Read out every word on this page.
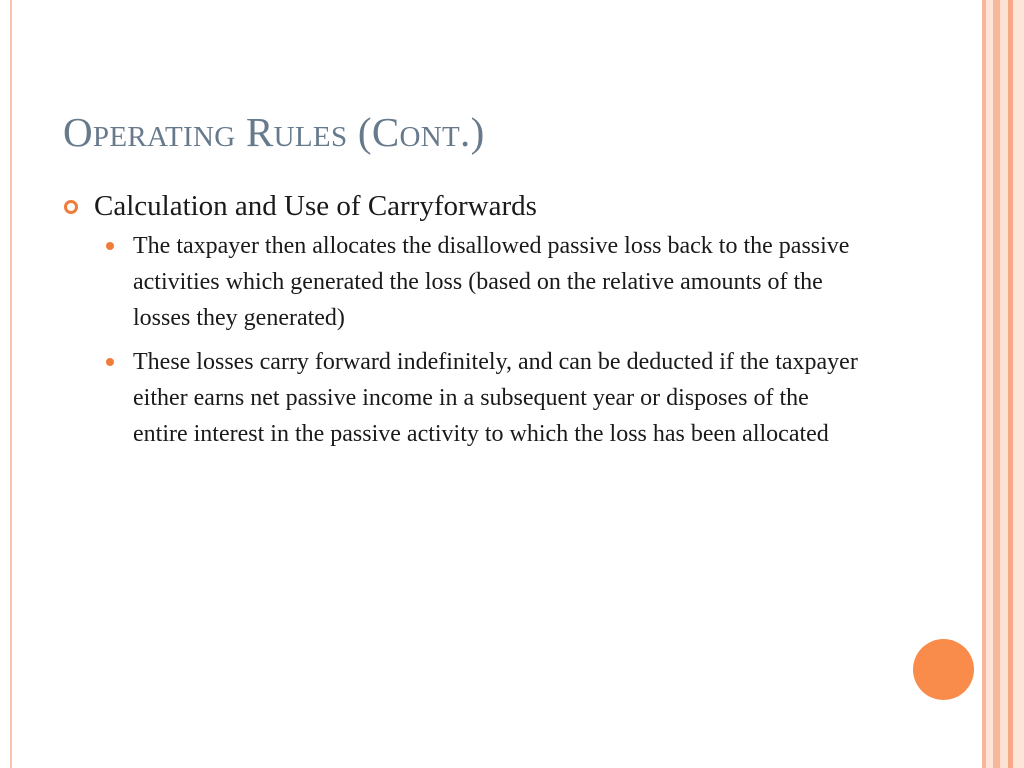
Operating Rules (Cont.)
Calculation and Use of Carryforwards
The taxpayer then allocates the disallowed passive loss back to the passive activities which generated the loss (based on the relative amounts of the losses they generated)
These losses carry forward indefinitely, and can be deducted if the taxpayer either earns net passive income in a subsequent year or disposes of the entire interest in the passive activity to which the loss has been allocated
